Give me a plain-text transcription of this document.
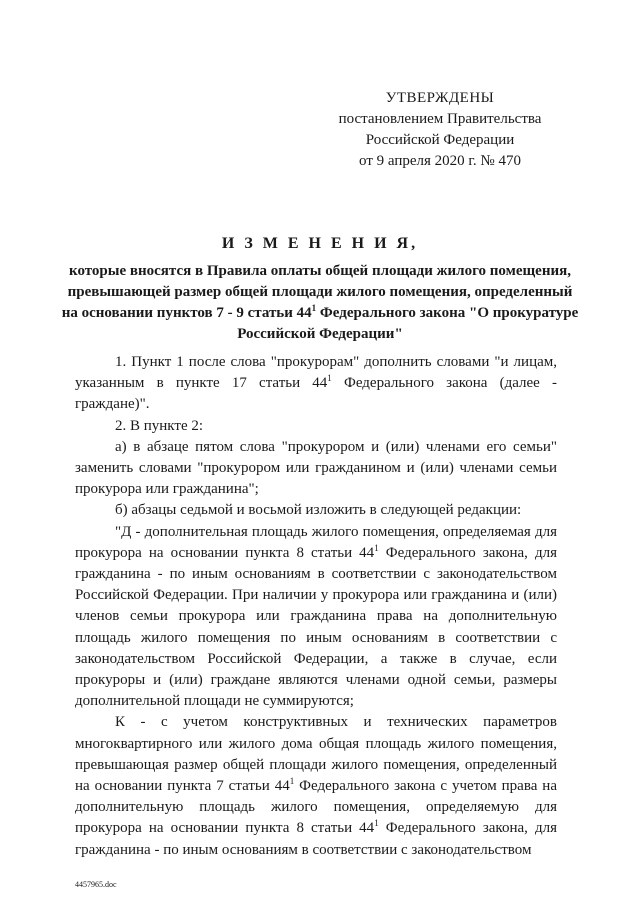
УТВЕРЖДЕНЫ
постановлением Правительства
Российской Федерации
от 9 апреля 2020 г. № 470
И З М Е Н Е Н И Я,
которые вносятся в Правила оплаты общей площади жилого помещения, превышающей размер общей площади жилого помещения, определенный на основании пунктов 7 - 9 статьи $44^1$ Федерального закона "О прокуратуре Российской Федерации"

1. Пункт 1 после слова "прокурорам" дополнить словами "и лицам, указанным в пункте 17 статьи $44^1$ Федерального закона (далее - граждане)".

2. В пункте 2:

а) в абзаце пятом слова "прокурором и (или) членами его семьи" заменить словами "прокурором или гражданином и (или) членами семьи прокурора или гражданина";

б) абзацы седьмой и восьмой изложить в следующей редакции:

"Д - дополнительная площадь жилого помещения, определяемая для прокурора на основании пункта 8 статьи $44^1$ Федерального закона, для гражданина - по иным основаниям в соответствии с законодательством Российской Федерации. При наличии у прокурора или гражданина и (или) членов семьи прокурора или гражданина права на дополнительную площадь жилого помещения по иным основаниям в соответствии с законодательством Российской Федерации, а также в случае, если прокуроры и (или) граждане являются членами одной семьи, размеры дополнительной площади не суммируются;

К - с учетом конструктивных и технических параметров многоквартирного или жилого дома общая площадь жилого помещения, превышающая размер общей площади жилого помещения, определенный на основании пункта 7 статьи $44^1$ Федерального закона с учетом права на дополнительную площадь жилого помещения, определяемую для прокурора на основании пункта 8 статьи $44^1$ Федерального закона, для гражданина - по иным основаниям в соответствии с законодательством

4457965.doc
